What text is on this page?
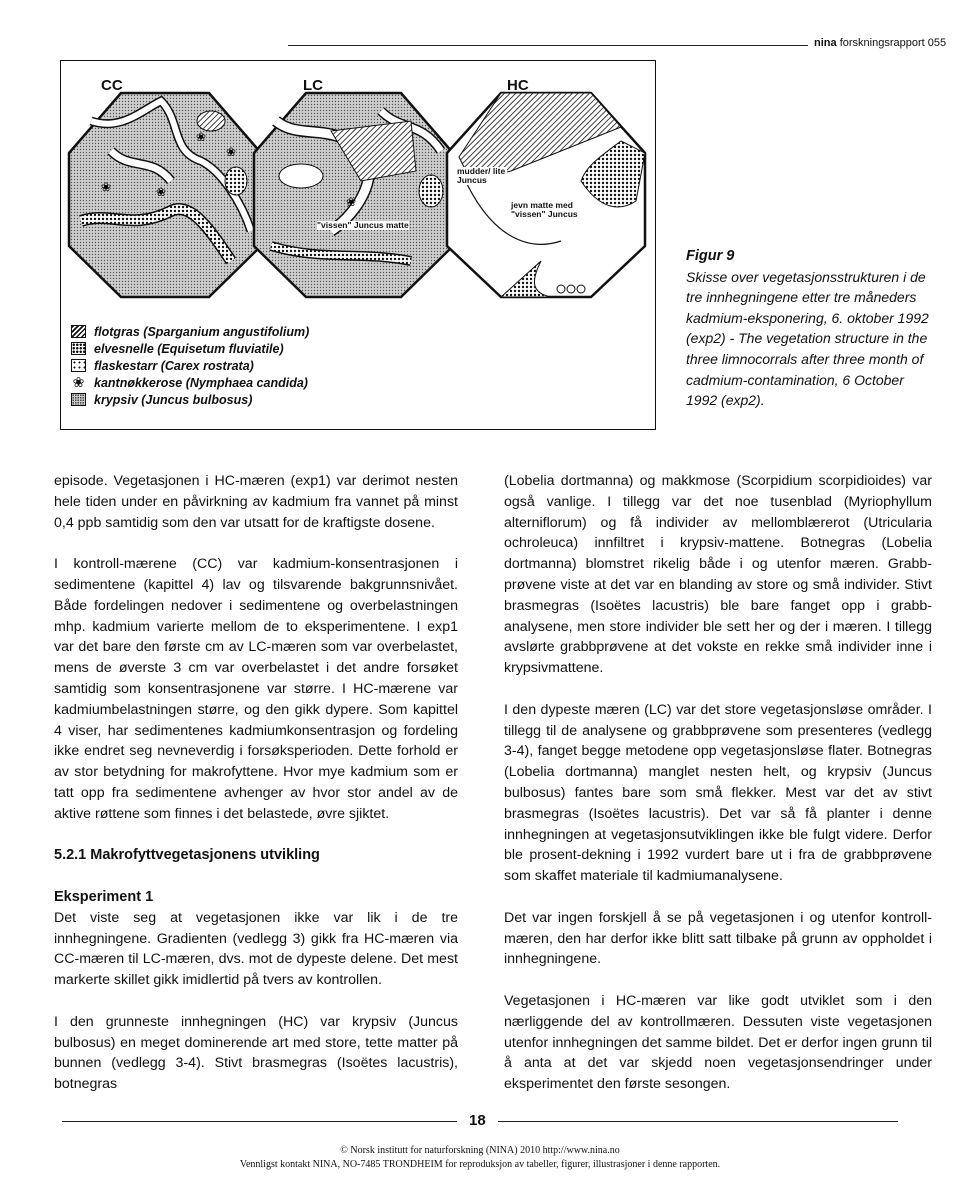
nina forskningsrapport 055
❀	❀
❀
❀
❀
CC	LC	HC
"vissen" Juncus matte
mudder/ lite Juncus
jevn matte med "vissen" Juncus
flotgras (Sparganium angustifolium)
elvesnelle (Equisetum fluviatile)
flaskestarr (Carex rostrata)
❀ kantnøkkerose (Nymphaea candida)
krypsiv (Juncus bulbosus)
Figur 9
Skisse over vegetasjonsstrukturen i de tre innhegningene etter tre måneders kadmium-eksponering, 6. oktober 1992 (exp2) - The vegetation structure in the three limnocorrals after three month of cadmium-contamination, 6 October 1992 (exp2).

episode. Vegetasjonen i HC-mæren (exp1) var derimot nesten hele tiden under en påvirkning av kadmium fra vannet på minst 0,4 ppb samtidig som den var utsatt for de kraftigste dosene.

I kontroll-mærene (CC) var kadmium-konsentrasjonen i sedimentene (kapittel 4) lav og tilsvarende bakgrunnsnivået. Både fordelingen nedover i sedimentene og overbelastningen mhp. kadmium varierte mellom de to eksperimentene. I exp1 var det bare den første cm av LC-mæren som var overbelastet, mens de øverste 3 cm var overbelastet i det andre forsøket samtidig som konsentrasjonene var større. I HC-mærene var kadmiumbelastningen større, og den gikk dypere. Som kapittel 4 viser, har sedimentenes kadmiumkonsentrasjon og fordeling ikke endret seg nevneverdig i forsøksperioden. Dette forhold er av stor betydning for makrofyttene. Hvor mye kadmium som er tatt opp fra sedimentene avhenger av hvor stor andel av de aktive røttene som finnes i det belastede, øvre sjiktet.

5.2.1 Makrofyttvegetasjonens utvikling
Eksperiment 1

Det viste seg at vegetasjonen ikke var lik i de tre innhegningene. Gradienten (vedlegg 3) gikk fra HC-mæren via CC-mæren til LC-mæren, dvs. mot de dypeste delene. Det mest markerte skillet gikk imidlertid på tvers av kontrollen.

I den grunneste innhegningen (HC) var krypsiv (Juncus bulbosus) en meget dominerende art med store, tette matter på bunnen (vedlegg 3-4). Stivt brasmegras (Isoëtes lacustris), botnegras

(Lobelia dortmanna) og makkmose (Scorpidium scorpidioides) var også vanlige. I tillegg var det noe tusenblad (Myriophyllum alterniflorum) og få individer av mellomblærerot (Utricularia ochroleuca) innfiltret i krypsiv-mattene. Botnegras (Lobelia dortmanna) blomstret rikelig både i og utenfor mæren. Grabb-prøvene viste at det var en blanding av store og små individer. Stivt brasmegras (Isoëtes lacustris) ble bare fanget opp i grabb-analysene, men store individer ble sett her og der i mæren. I tillegg avslørte grabbprøvene at det vokste en rekke små individer inne i krypsivmattene.

I den dypeste mæren (LC) var det store vegetasjonsløse områder. I tillegg til de analysene og grabbprøvene som presenteres (vedlegg 3-4), fanget begge metodene opp vegetasjonsløse flater. Botnegras (Lobelia dortmanna) manglet nesten helt, og krypsiv (Juncus bulbosus) fantes bare som små flekker. Mest var det av stivt brasmegras (Isoëtes lacustris). Det var så få planter i denne innhegningen at vegetasjonsutviklingen ikke ble fulgt videre. Derfor ble prosent-dekning i 1992 vurdert bare ut i fra de grabbprøvene som skaffet materiale til kadmiumanalysene.

Det var ingen forskjell å se på vegetasjonen i og utenfor kontroll-mæren, den har derfor ikke blitt satt tilbake på grunn av oppholdet i innhegningene.

Vegetasjonen i HC-mæren var like godt utviklet som i den nærliggende del av kontrollmæren. Dessuten viste vegetasjonen utenfor innhegningen det samme bildet. Det er derfor ingen grunn til å anta at det var skjedd noen vegetasjonsendringer under eksperimentet den første sesongen.

18
© Norsk institutt for naturforskning (NINA) 2010 http://www.nina.no
Vennligst kontakt NINA, NO-7485 TRONDHEIM for reproduksjon av tabeller, figurer, illustrasjoner i denne rapporten.
